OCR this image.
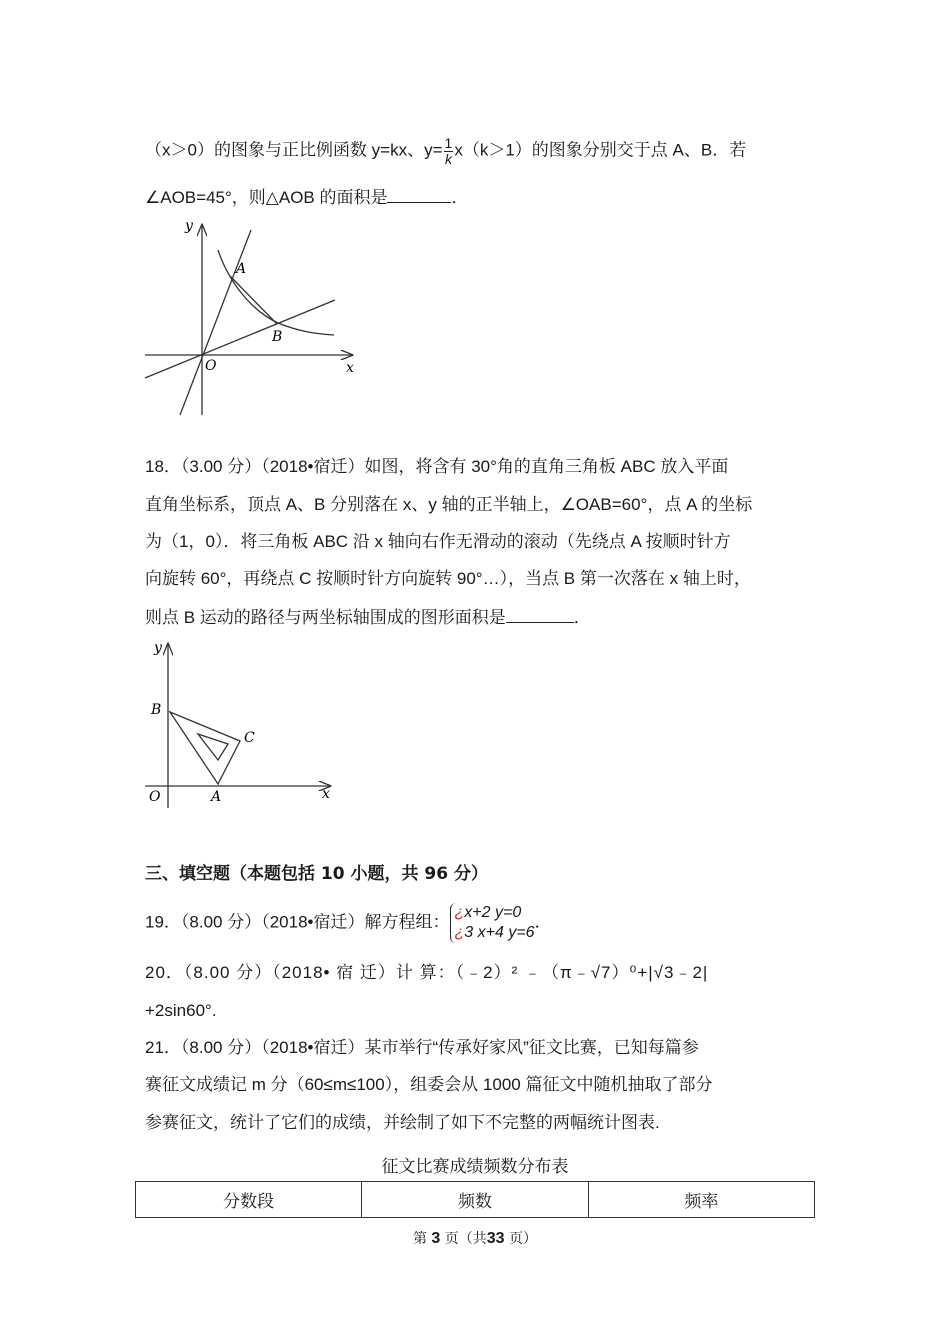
（x＞0）的图象与正比例函数 y=kx、$y= \frac{1}{k} x(k>1)$的图象分别交于点 A、B．若
∠AOB=45°，则△AOB 的面积是	．
y
x
O
A
B
18．（3.00 分）（2018•宿迁）如图，将含有 30°角的直角三角板 ABC 放入平面
直角坐标系，顶点 A、B 分别落在 x、y 轴的正半轴上，∠OAB=60°，点 A 的坐标
为（1，0）．将三角板 ABC 沿 x 轴向右作无滑动的滚动（先绕点 A 按顺时针方
向旋转 60°，再绕点 C 按顺时针方向旋转 90°…），当点 B 第一次落在 x 轴上时，
则点 B 运动的路径与两坐标轴围成的图形面积是	．
y
x
O	A
B
C
三、填空题（本题包括 10 小题，共 96 分）
19．（8.00 分）（2018•宿迁）解方程组： ¿x+2 y=0
¿3 x+4 y=6．
20．（8.00 分）（2018• 宿 迁）计 算：（﹣2）² ﹣（π﹣√7）⁰+|√3﹣2|
+2sin60°.
21．（8.00 分）（2018•宿迁）某市举行“传承好家风”征文比赛，已知每篇参
赛征文成绩记 m 分（60≤m≤100），组委会从 1000 篇征文中随机抽取了部分
参赛征文，统计了它们的成绩，并绘制了如下不完整的两幅统计图表.
征文比赛成绩频数分布表
分数段	频数	频率
第 3 页（共33 页）
